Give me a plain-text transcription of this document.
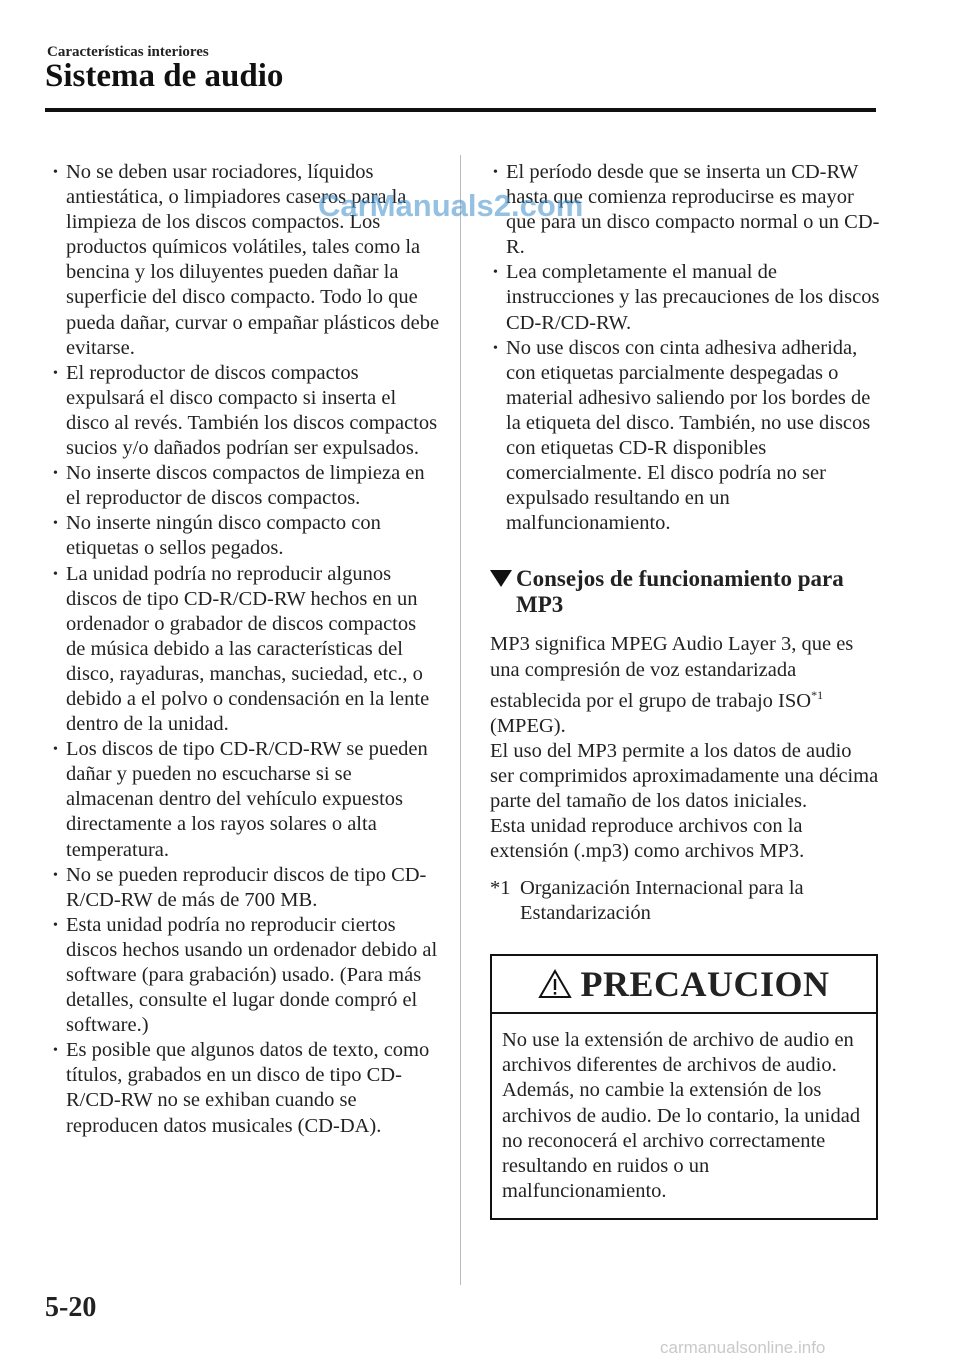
Características interiores
Sistema de audio
• No se deben usar rociadores, líquidos antiestática, o limpiadores caseros para la limpieza de los discos compactos. Los productos químicos volátiles, tales como la bencina y los diluyentes pueden dañar la superficie del disco compacto. Todo lo que pueda dañar, curvar o empañar plásticos debe evitarse.
• El reproductor de discos compactos expulsará el disco compacto si inserta el disco al revés. También los discos compactos sucios y/o dañados podrían ser expulsados.
• No inserte discos compactos de limpieza en el reproductor de discos compactos.
• No inserte ningún disco compacto con etiquetas o sellos pegados.
• La unidad podría no reproducir algunos discos de tipo CD-R/CD-RW hechos en un ordenador o grabador de discos compactos de música debido a las características del disco, rayaduras, manchas, suciedad, etc., o debido a el polvo o condensación en la lente dentro de la unidad.
• Los discos de tipo CD-R/CD-RW se pueden dañar y pueden no escucharse si se almacenan dentro del vehículo expuestos directamente a los rayos solares o alta temperatura.
• No se pueden reproducir discos de tipo CD-R/CD-RW de más de 700 MB.
• Esta unidad podría no reproducir ciertos discos hechos usando un ordenador debido al software (para grabación) usado. (Para más detalles, consulte el lugar donde compró el software.)
• Es posible que algunos datos de texto, como títulos, grabados en un disco de tipo CD-R/CD-RW no se exhiban cuando se reproducen datos musicales (CD-DA).
• El período desde que se inserta un CD-RW hasta que comienza reproducirse es mayor que para un disco compacto normal o un CD-R.
• Lea completamente el manual de instrucciones y las precauciones de los discos CD-R/CD-RW.
• No use discos con cinta adhesiva adherida, con etiquetas parcialmente despegadas o material adhesivo saliendo por los bordes de la etiqueta del disco. También, no use discos con etiquetas CD-R disponibles comercialmente. El disco podría no ser expulsado resultando en un malfuncionamiento.
Consejos de funcionamiento para MP3

MP3 significa MPEG Audio Layer 3, que es una compresión de voz estandarizada establecida por el grupo de trabajo ISO$^{*1}$ (MPEG).

El uso del MP3 permite a los datos de audio ser comprimidos aproximadamente una décima parte del tamaño de los datos iniciales.

Esta unidad reproduce archivos con la extensión (.mp3) como archivos MP3.

*1 Organización Internacional para la Estandarización
PRECAUCION
No use la extensión de archivo de audio en archivos diferentes de archivos de audio. Además, no cambie la extensión de los archivos de audio. De lo contario, la unidad no reconocerá el archivo correctamente resultando en ruidos o un malfuncionamiento.
5-20
CarManuals2.com
carmanualsonline.info
